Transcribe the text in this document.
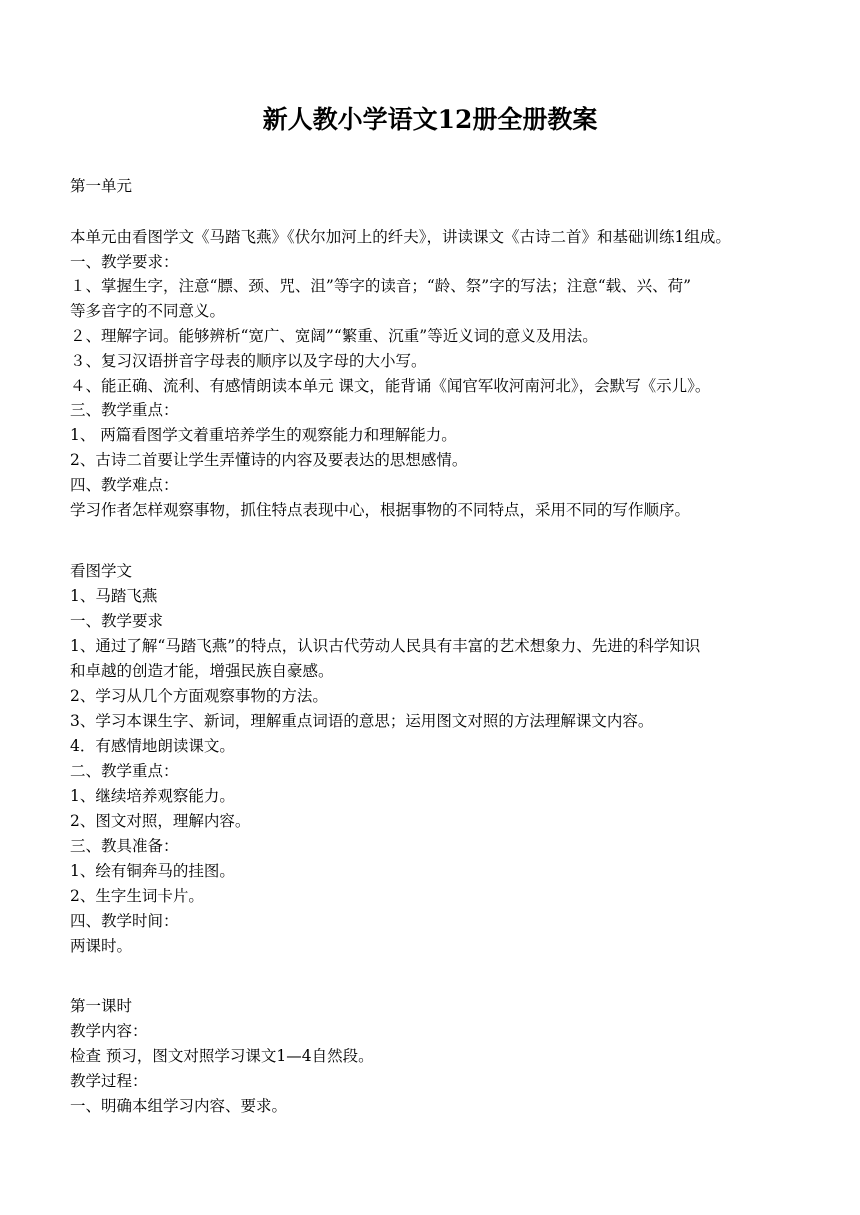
新人教小学语文12册全册教案
第一单元
本单元由看图学文《马踏飞燕》《伏尔加河上的纤夫》，讲读课文《古诗二首》和基础训练1组成。
一、教学要求：
１、掌握生字，注意“膘、颈、咒、沮”等字的读音；“龄、祭”字的写法；注意“载、兴、荷”
等多音字的不同意义。
２、理解字词。能够辨析“宽广、宽阔”“繁重、沉重”等近义词的意义及用法。
３、复习汉语拼音字母表的顺序以及字母的大小写。
４、能正确、流利、有感情朗读本单元 课文，能背诵《闻官军收河南河北》，会默写《示儿》。
三、教学重点：
1、 两篇看图学文着重培养学生的观察能力和理解能力。
2、古诗二首要让学生弄懂诗的内容及要表达的思想感情。
四、教学难点：
学习作者怎样观察事物，抓住特点表现中心，根据事物的不同特点，采用不同的写作顺序。
看图学文
1、马踏飞燕
一、教学要求
1、通过了解“马踏飞燕”的特点，认识古代劳动人民具有丰富的艺术想象力、先进的科学知识
和卓越的创造才能，增强民族自豪感。
2、学习从几个方面观察事物的方法。
3、学习本课生字、新词，理解重点词语的意思；运用图文对照的方法理解课文内容。
4．有感情地朗读课文。
二、教学重点：
1、继续培养观察能力。
2、图文对照，理解内容。
三、教具准备：
1、绘有铜奔马的挂图。
2、生字生词卡片。
四、教学时间：
两课时。
第一课时
教学内容：
检查 预习，图文对照学习课文1—4自然段。
教学过程：
一、明确本组学习内容、要求。
